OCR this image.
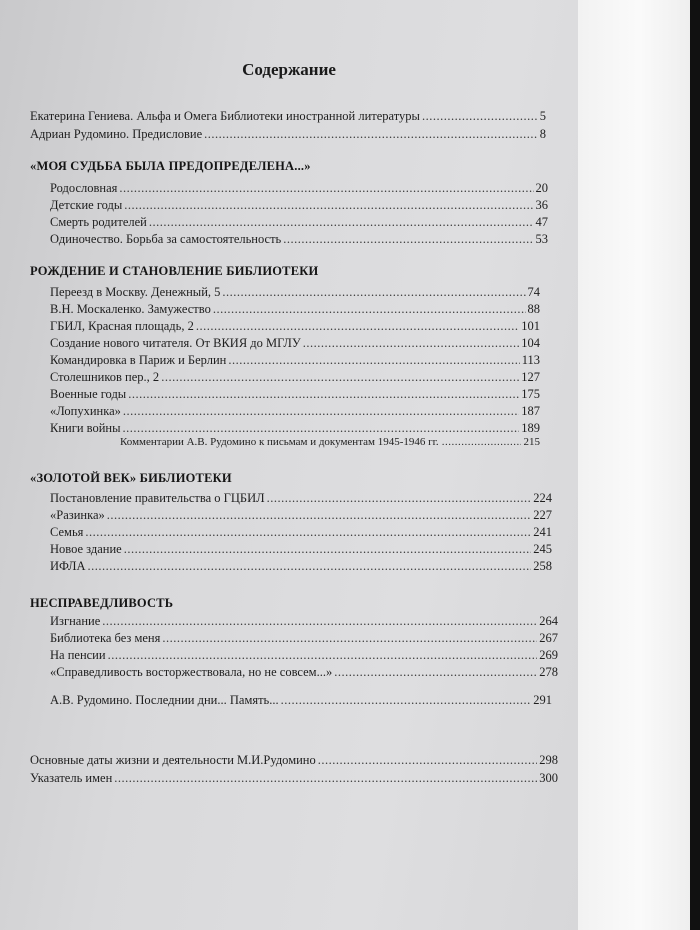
Содержание
Екатерина Гениева. Альфа и Омега Библиотеки иностранной литературы .....	5
Адриан Рудомино. Предисловие .....	8
«МОЯ СУДЬБА БЫЛА ПРЕДОПРЕДЕЛЕНА...»
Родословная .....	20
Детские годы .....	36
Смерть родителей .....	47
Одиночество. Борьба за самостоятельность .....	53
РОЖДЕНИЕ И СТАНОВЛЕНИЕ БИБЛИОТЕКИ
Переезд в Москву. Денежный, 5 .....	74
В.Н. Москаленко. Замужество .....	88
ГБИЛ, Красная площадь, 2 .....	101
Создание нового читателя. От ВКИЯ до МГЛУ .....	104
Командировка в Париж и Берлин .....	113
Столешников пер., 2 .....	127
Военные годы .....	175
«Лопухинка» .....	187
Книги войны .....	189
Комментарии А.В. Рудомино к письмам и документам 1945-1946 гг. .....	215
«ЗОЛОТОЙ ВЕК» БИБЛИОТЕКИ
Постановление правительства о ГЦБИЛ .....	224
«Разинка» .....	227
Семья .....	241
Новое здание .....	245
ИФЛА .....	258
НЕСПРАВЕДЛИВОСТЬ
Изгнание .....	264
Библиотека без меня .....	267
На пенсии .....	269
«Справедливость восторжествовала, но не совсем...» .....	278
А.В. Рудомино. Последнии дни... Память... .....	291
Основные даты жизни и деятельности М.И.Рудомино .....	298
Указатель имен .....	300
